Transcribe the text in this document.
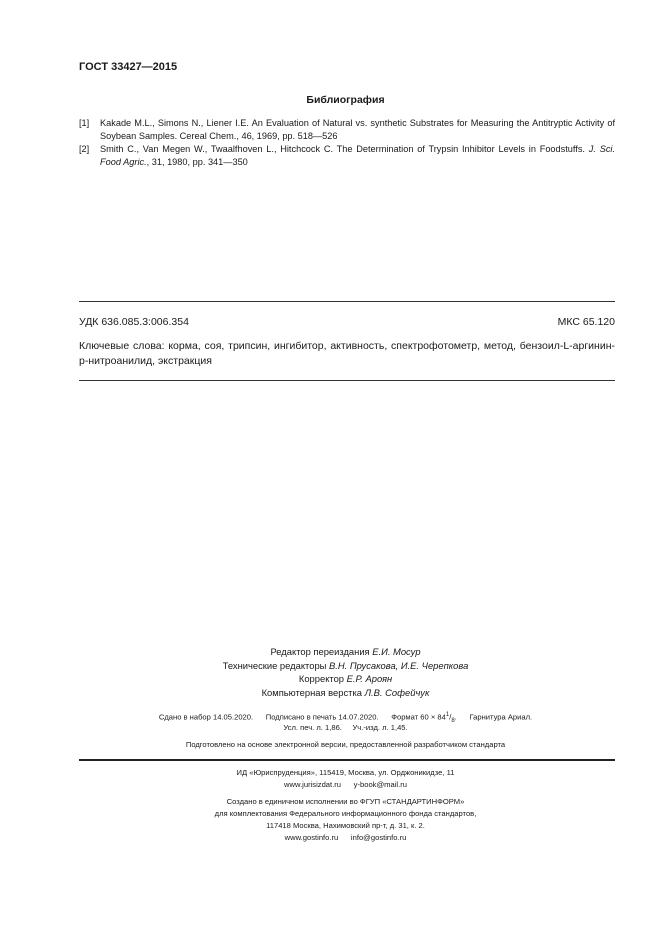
ГОСТ 33427—2015
Библиография
[1]	Kakade M.L., Simons N., Liener I.E. An Evaluation of Natural vs. synthetic Substrates for Measuring the Antitryptic Activity of Soybean Samples. Cereal Chem., 46, 1969, pp. 518—526
[2]	Smith C., Van Megen W., Twaalfhoven L., Hitchcock C. The Determination of Trypsin Inhibitor Levels in Foodstuffs. J. Sci. Food Agric., 31, 1980, pp. 341—350
УДК 636.085.3:006.354	МКС 65.120
Ключевые слова: корма, соя, трипсин, ингибитор, активность, спектрофотометр, метод, бензоил-L-аргинин-p-нитроанилид, экстракция
Редактор переиздания Е.И. Мосур
Технические редакторы В.Н. Прусакова, И.Е. Черепкова
Корректор Е.Р. Ароян
Компьютерная верстка Л.В. Софейчук
Сдано в набор 14.05.2020. Подписано в печать 14.07.2020. Формат $60 \times 84^1/_8$.      Гарнитура Ариал.
Усл. печ. л. 1,86. Уч.-изд. л. 1,45.
Подготовлено на основе электронной версии, предоставленной разработчиком стандарта
ИД «Юриспруденция», 115419, Москва, ул. Орджоникидзе, 11
www.jurisizdat.ru y-book@mail.ru
Создано в единичном исполнении во ФГУП «СТАНДАРТИНФОРМ»
для комплектования Федерального информационного фонда стандартов,
117418 Москва, Нахимовский пр-т, д. 31, к. 2.
www.gostinfo.ru info@gostinfo.ru
